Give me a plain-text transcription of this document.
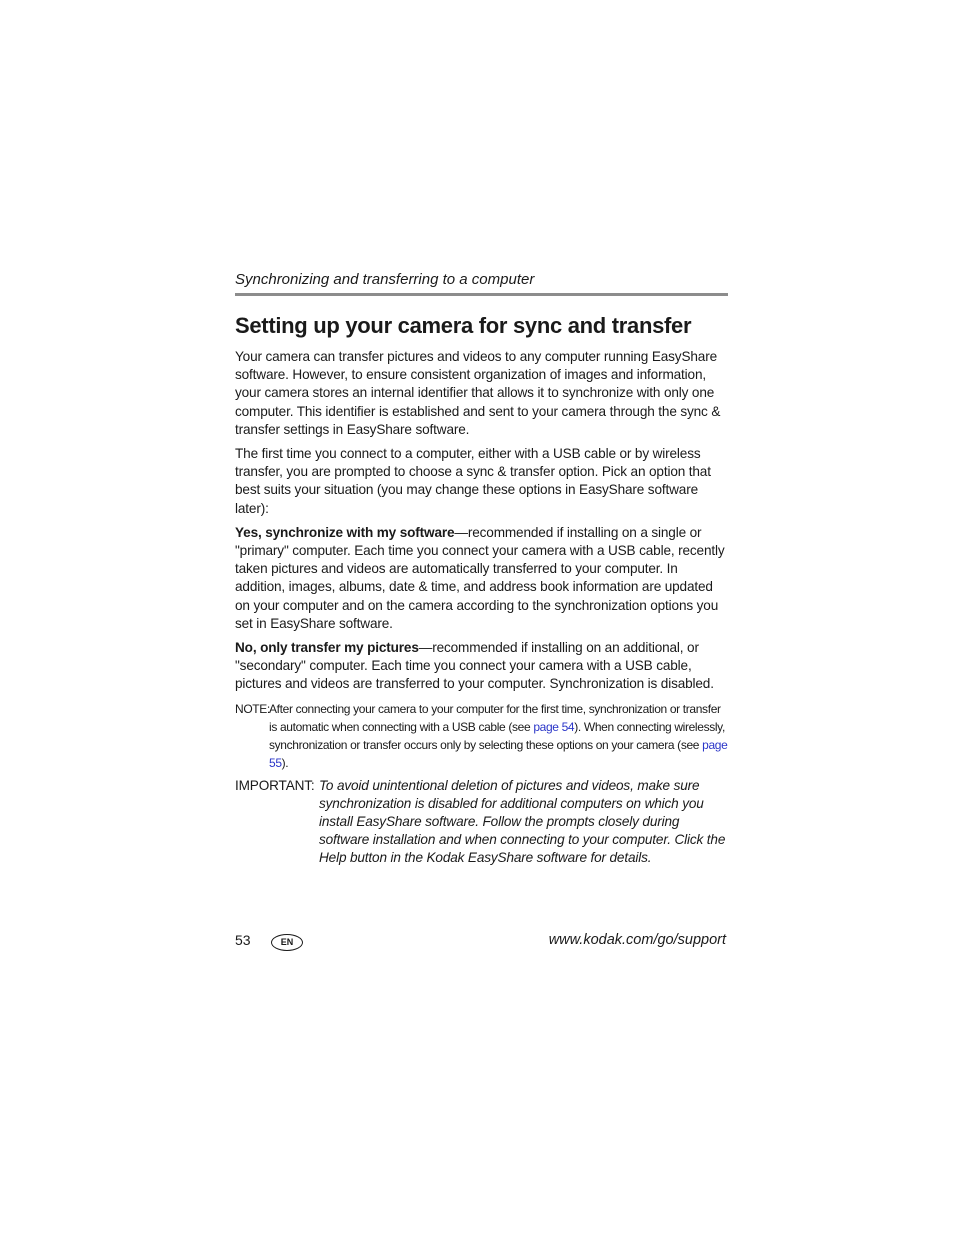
Synchronizing and transferring to a computer
Setting up your camera for sync and transfer

Your camera can transfer pictures and videos to any computer running EasyShare software. However, to ensure consistent organization of images and information, your camera stores an internal identifier that allows it to synchronize with only one computer. This identifier is established and sent to your camera through the sync & transfer settings in EasyShare software.

The first time you connect to a computer, either with a USB cable or by wireless transfer, you are prompted to choose a sync & transfer option. Pick an option that best suits your situation (you may change these options in EasyShare software later):

Yes, synchronize with my software—recommended if installing on a single or "primary" computer. Each time you connect your camera with a USB cable, recently taken pictures and videos are automatically transferred to your computer. In addition, images, albums, date & time, and address book information are updated on your computer and on the camera according to the synchronization options you set in EasyShare software.

No, only transfer my pictures—recommended if installing on an additional, or "secondary" computer. Each time you connect your camera with a USB cable, pictures and videos are transferred to your computer. Synchronization is disabled.

NOTE: After connecting your camera to your computer for the first time, synchronization or transfer is automatic when connecting with a USB cable (see page 54). When connecting wirelessly, synchronization or transfer occurs only by selecting these options on your camera (see page 55).
IMPORTANT: To avoid unintentional deletion of pictures and videos, make sure synchronization is disabled for additional computers on which you install EasyShare software. Follow the prompts closely during software installation and when connecting to your computer. Click the Help button in the Kodak EasyShare software for details.
53	EN	www.kodak.com/go/support
